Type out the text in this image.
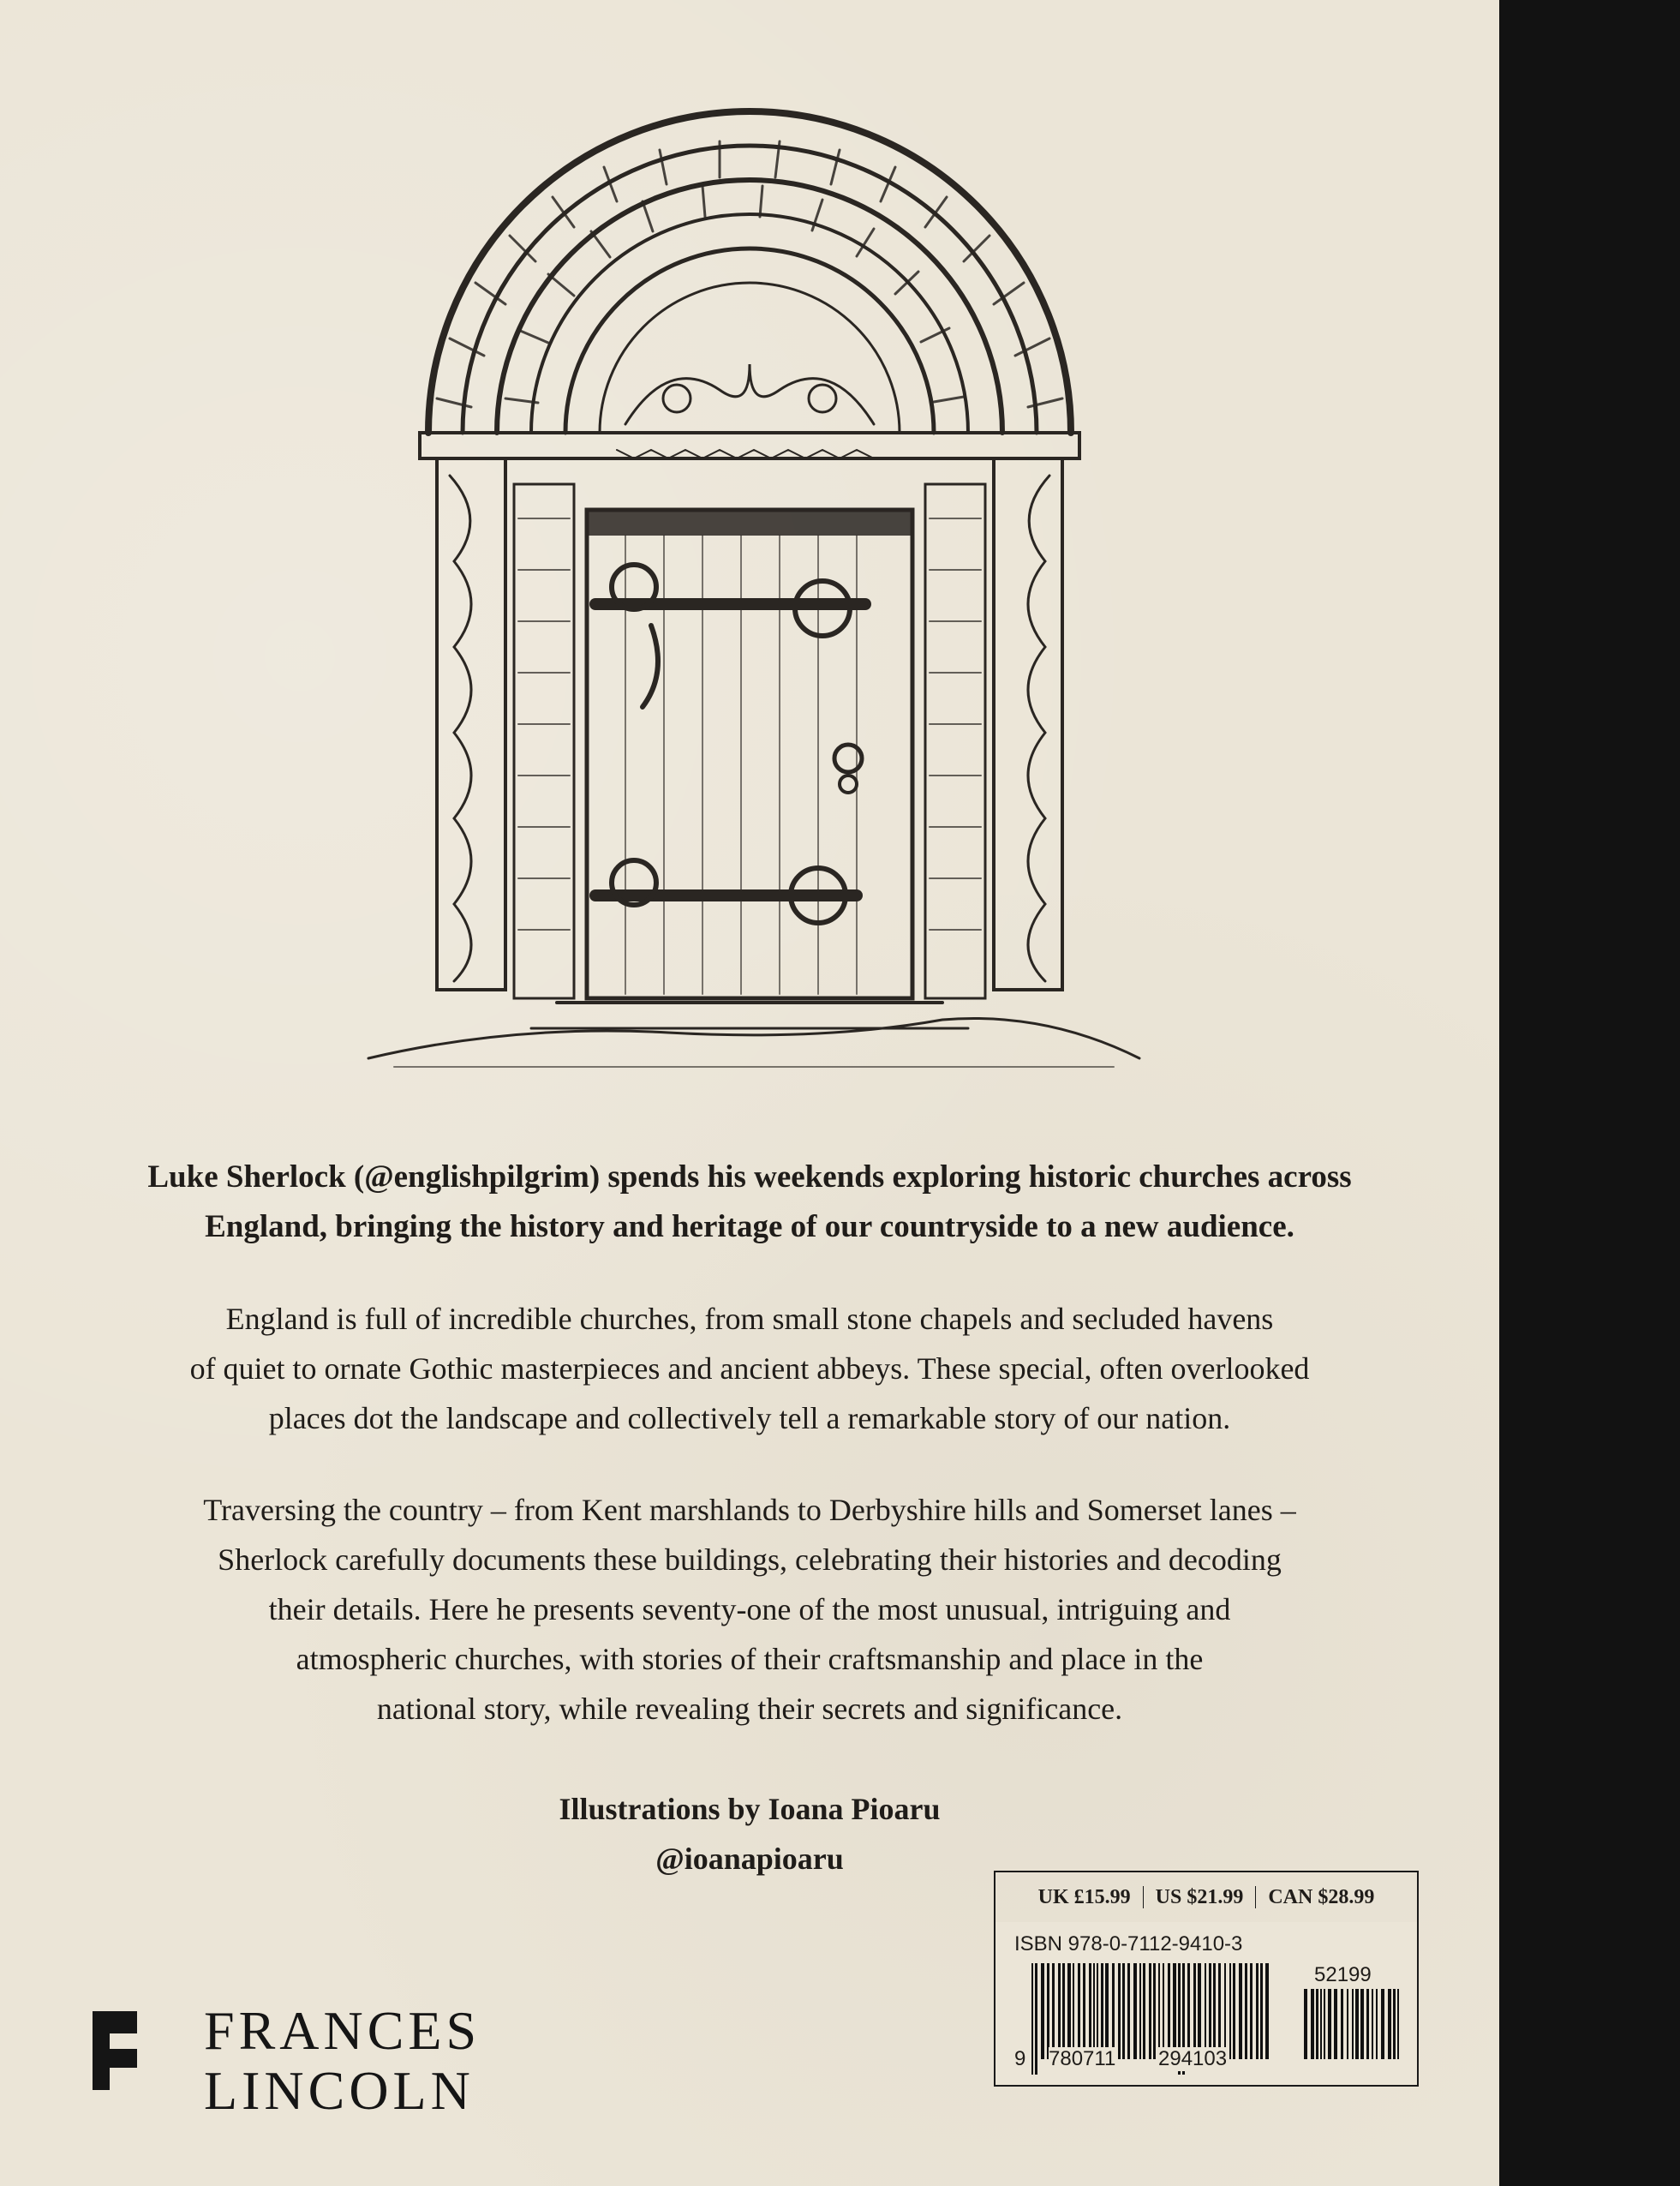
Luke Sherlock (@englishpilgrim) spends his weekends exploring historic churches across
England, bringing the history and heritage of our countryside to a new audience.
England is full of incredible churches, from small stone chapels and secluded havens
of quiet to ornate Gothic masterpieces and ancient abbeys. These special, often overlooked
places dot the landscape and collectively tell a remarkable story of our nation.
Traversing the country – from Kent marshlands to Derbyshire hills and Somerset lanes –
Sherlock carefully documents these buildings, celebrating their histories and decoding
their details. Here he presents seventy-one of the most unusual, intriguing and
atmospheric churches, with stories of their craftsmanship and place in the
national story, while revealing their secrets and significance.
Illustrations by Ioana Pioaru
@ioanapioaru
FRANCES
LINCOLN
UK £15.99 US $21.99 CAN $28.99
ISBN 978-0-7112-9410-3
52199
9 780711 294103
